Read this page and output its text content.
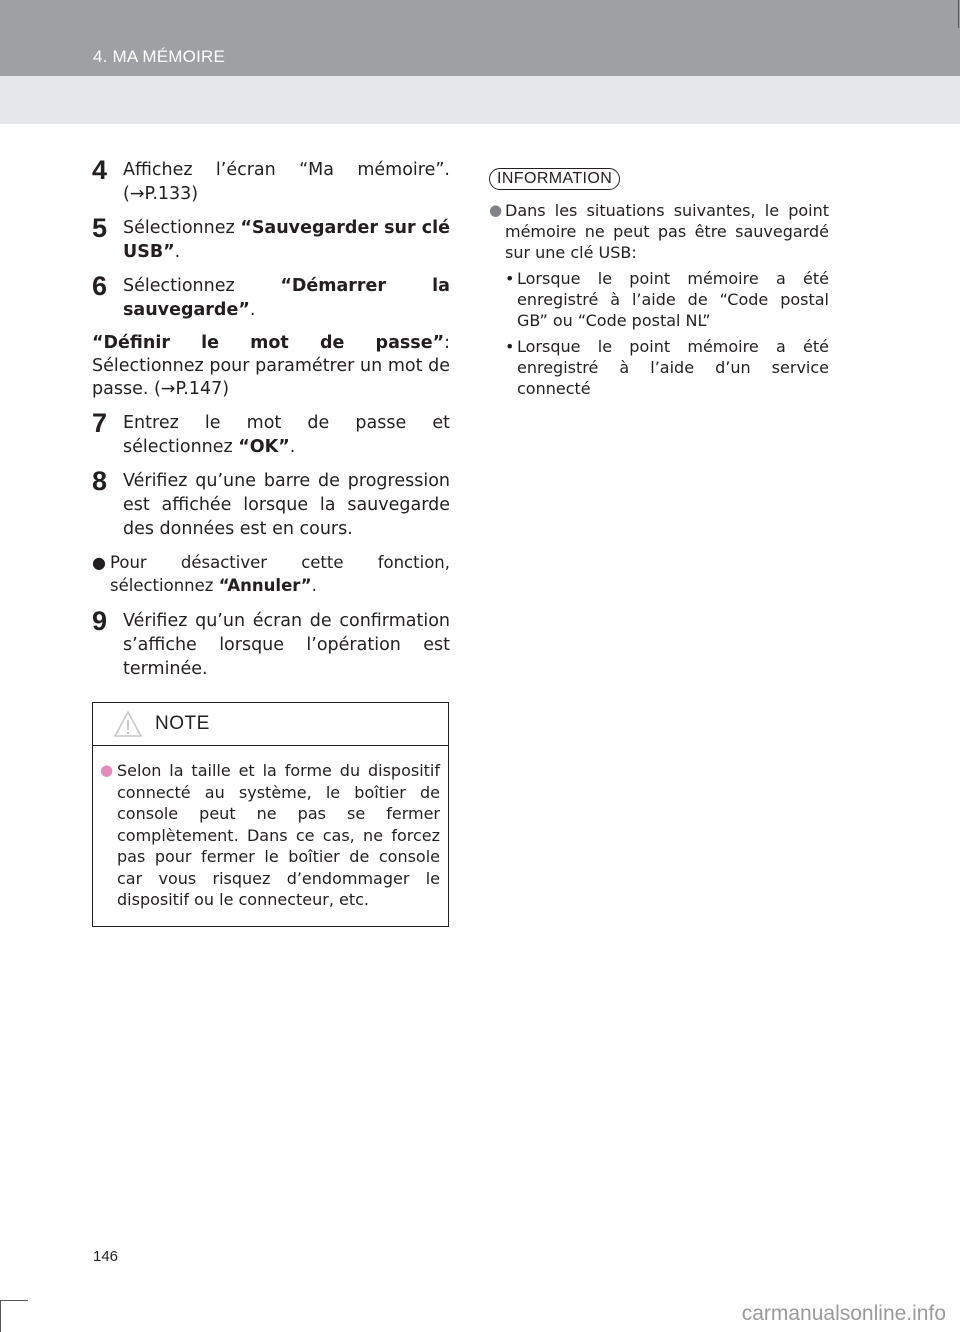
4. MA MÉMOIRE
4 Affichez l’écran “Ma mémoire”. (→P.133)
5 Sélectionnez “Sauvegarder sur clé USB”.
6 Sélectionnez “Démarrer la sauvegarde”.
“Définir le mot de passe”: Sélectionnez pour paramétrer un mot de passe. (→P.147)
7 Entrez le mot de passe et sélectionnez “OK”.
8 Vérifiez qu’une barre de progression est affichée lorsque la sauvegarde des données est en cours.
● Pour désactiver cette fonction, sélectionnez “Annuler”.
9 Vérifiez qu’un écran de confirmation s’affiche lorsque l’opération est terminée.
NOTE
● Selon la taille et la forme du dispositif connecté au système, le boîtier de console peut ne pas se fermer complètement. Dans ce cas, ne forcez pas pour fermer le boîtier de console car vous risquez d’endommager le dispositif ou le connecteur, etc.
INFORMATION
● Dans les situations suivantes, le point mémoire ne peut pas être sauvegardé sur une clé USB:
• Lorsque le point mémoire a été enregistré à l’aide de “Code postal GB” ou “Code postal NL”
• Lorsque le point mémoire a été enregistré à l’aide d’un service connecté
146
carmanualsonline.info
